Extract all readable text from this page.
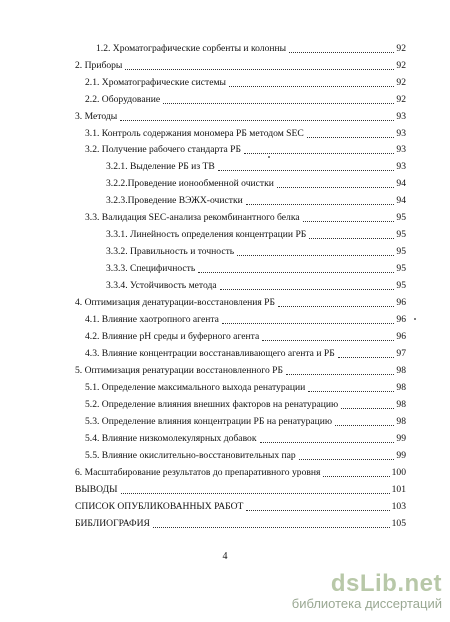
1.2. Хроматографические сорбенты и колонны	92
2. Приборы	92
2.1. Хроматографические системы	92
2.2. Оборудование	92
3. Методы	93
3.1. Контроль содержания мономера РБ методом SEC	93
3.2. Получение рабочего стандарта РБ	93
3.2.1. Выделение РБ из ТВ	93
3.2.2.Проведение ионообменной очистки	94
3.2.3.Проведение ВЭЖХ-очистки	94
3.3. Валидация SEC-анализа рекомбинантного белка	95
3.3.1. Линейность определения концентрации РБ	95
3.3.2. Правильность и точность	95
3.3.3. Специфичность	95
3.3.4. Устойчивость метода	95
4. Оптимизация денатурации-восстановления РБ	96
4.1. Влияние хаотропного агента	96
4.2. Влияние рН среды и буферного агента	96
4.3. Влияние концентрации восстанавливающего агента и РБ	97
5. Оптимизация ренатурации восстановленного РБ	98
5.1. Определение максимального выхода ренатурации	98
5.2. Определение влияния внешних факторов на ренатурацию	98
5.3. Определение влияния концентрации РБ на ренатурацию	98
5.4. Влияние низкомолекулярных добавок	99
5.5. Влияние окислительно-восстановительных пар	99
6. Масштабирование результатов до препаративного уровня	100
ВЫВОДЫ	101
СПИСОК ОПУБЛИКОВАННЫХ РАБОТ	103
БИБЛИОГРАФИЯ	105
4
dsLib.net
библиотека диссертаций
